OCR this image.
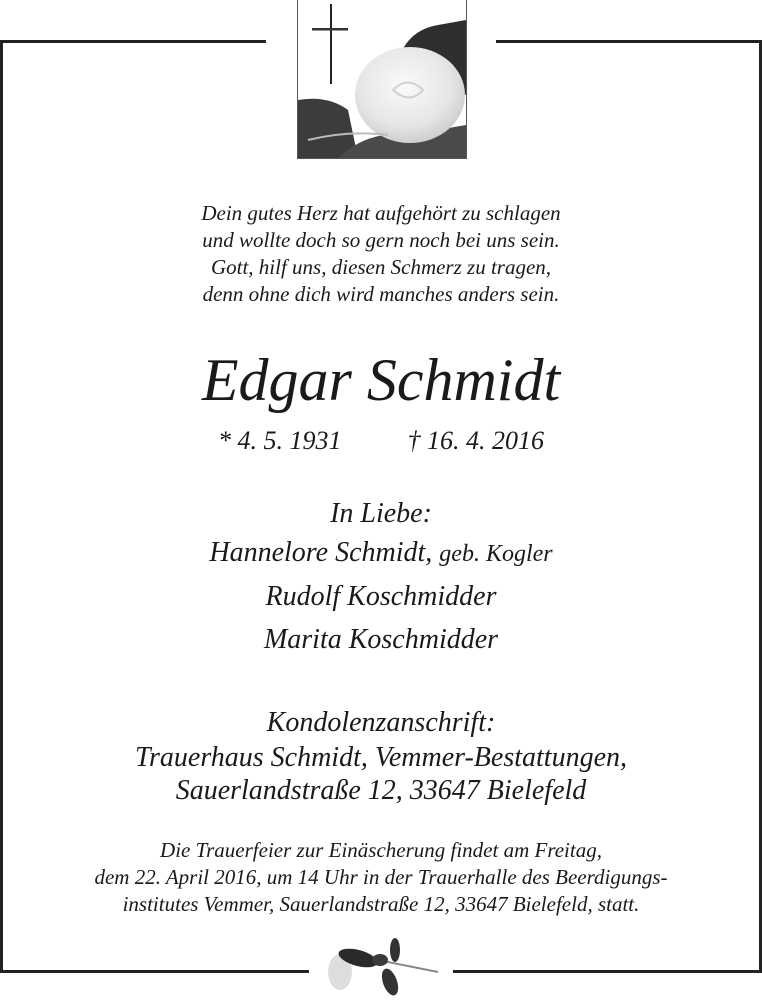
Dein gutes Herz hat aufgehört zu schlagen
und wollte doch so gern noch bei uns sein.
Gott, hilf uns, diesen Schmerz zu tragen,
denn ohne dich wird manches anders sein.
Edgar Schmidt
* 4. 5. 1931	† 16. 4. 2016
In Liebe:
Hannelore Schmidt, geb. Kogler
Rudolf Koschmidder
Marita Koschmidder
Kondolenzanschrift:
Trauerhaus Schmidt, Vemmer-Bestattungen,
Sauerlandstraße 12, 33647 Bielefeld
Die Trauerfeier zur Einäscherung findet am Freitag,
dem 22. April 2016, um 14 Uhr in der Trauerhalle des Beerdigungs-
institutes Vemmer, Sauerlandstraße 12, 33647 Bielefeld, statt.
